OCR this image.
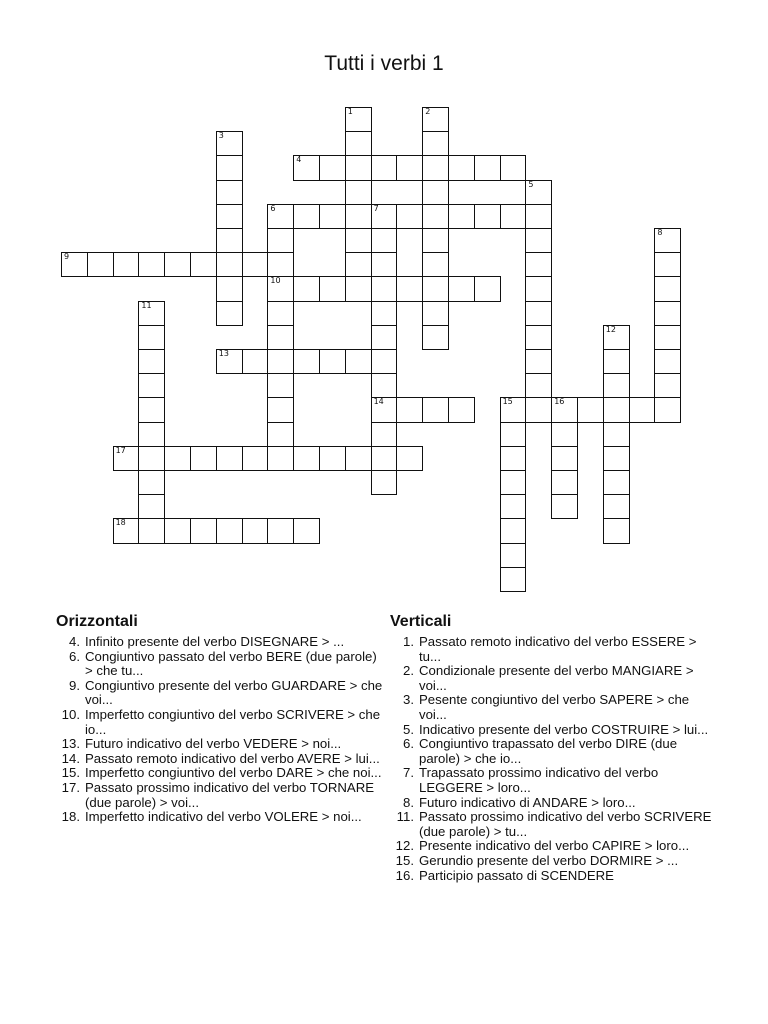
Tutti i verbi 1
1	2
3
4
5
6	7
10
14
8
9
11
12
13
15	16
17
18
Orizzontali
4. Infinito presente del verbo DISEGNARE > ...
6. Congiuntivo passato del verbo BERE (due parole) > che tu...
9. Congiuntivo presente del verbo GUARDARE > che voi...
10. Imperfetto congiuntivo del verbo SCRIVERE > che io...
13. Futuro indicativo del verbo VEDERE > noi...
14. Passato remoto indicativo del verbo AVERE > lui...
15. Imperfetto congiuntivo del verbo DARE > che noi...
17. Passato prossimo indicativo del verbo TORNARE (due parole) > voi...
18. Imperfetto indicativo del verbo VOLERE > noi...
Verticali
1. Passato remoto indicativo del verbo ESSERE > tu...
2. Condizionale presente del verbo MANGIARE > voi...
3. Pesente congiuntivo del verbo SAPERE > che voi...
5. Indicativo presente del verbo COSTRUIRE > lui...
6. Congiuntivo trapassato del verbo DIRE (due parole) > che io...
7. Trapassato prossimo indicativo del verbo LEGGERE > loro...
8. Futuro indicativo di ANDARE > loro...
11. Passato prossimo indicativo del verbo SCRIVERE (due parole) > tu...
12. Presente indicativo del verbo CAPIRE > loro...
15. Gerundio presente del verbo DORMIRE > ...
16. Participio passato di SCENDERE
